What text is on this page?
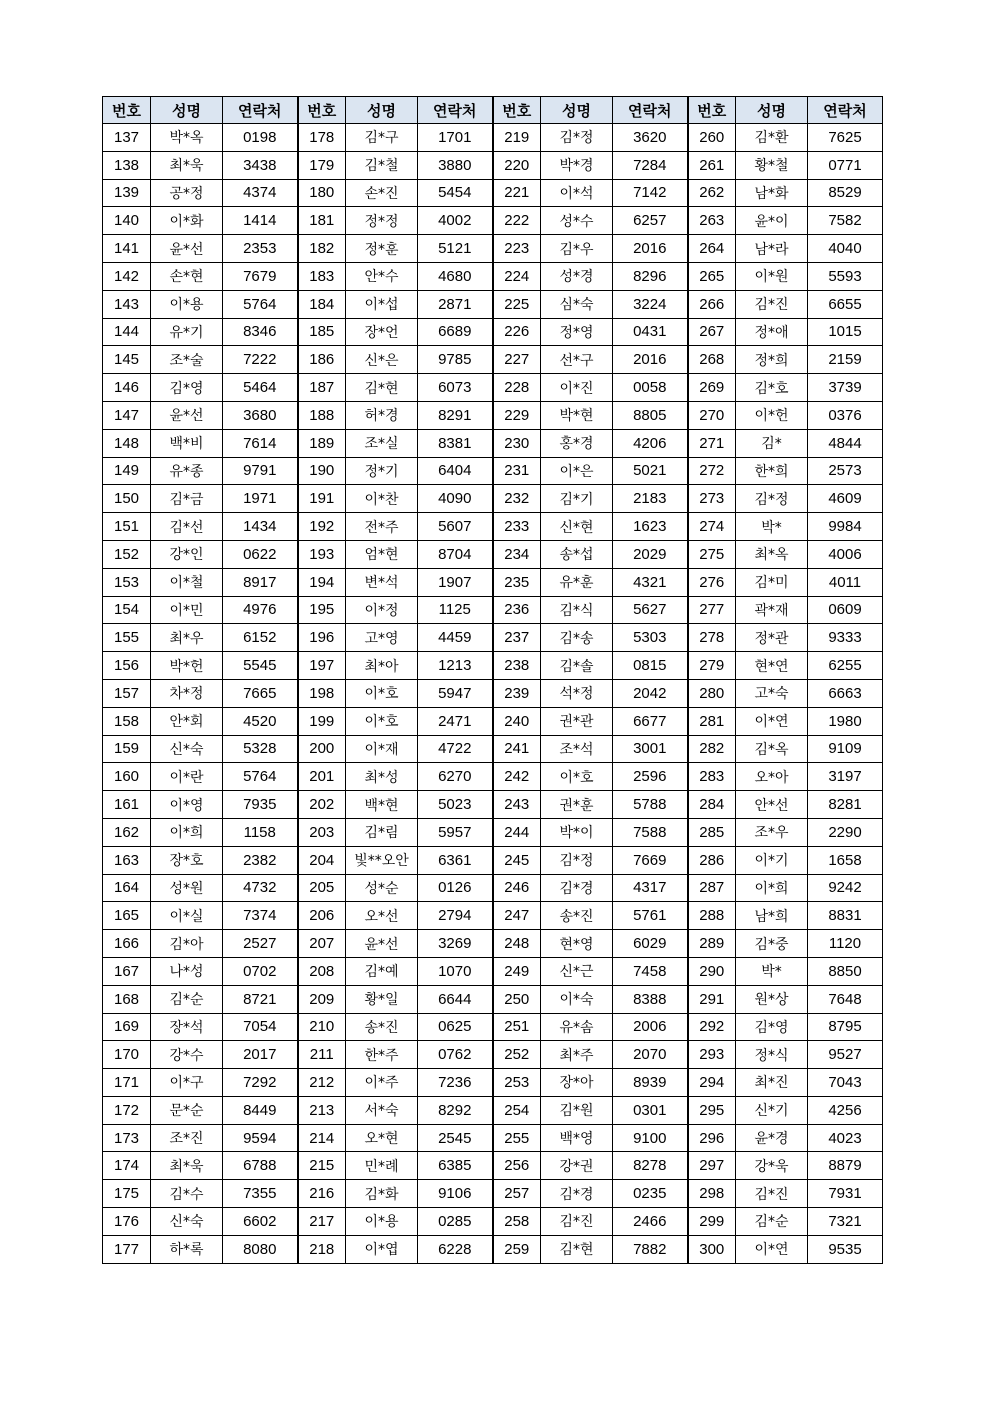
번호	성명	연락처	번호	성명	연락처	번호	성명	연락처	번호	성명	연락처
137	박*옥	0198	178	김*구	1701	219	김*정	3620	260	김*환	7625
138	최*욱	3438	179	김*철	3880	220	박*경	7284	261	황*철	0771
139	공*정	4374	180	손*진	5454	221	이*석	7142	262	남*화	8529
140	이*화	1414	181	정*정	4002	222	성*수	6257	263	윤*이	7582
141	윤*선	2353	182	정*훈	5121	223	김*우	2016	264	남*라	4040
142	손*현	7679	183	안*수	4680	224	성*경	8296	265	이*원	5593
143	이*용	5764	184	이*섭	2871	225	심*숙	3224	266	김*진	6655
144	유*기	8346	185	장*언	6689	226	정*영	0431	267	정*애	1015
145	조*술	7222	186	신*은	9785	227	선*구	2016	268	정*희	2159
146	김*영	5464	187	김*현	6073	228	이*진	0058	269	김*호	3739
147	윤*선	3680	188	허*경	8291	229	박*현	8805	270	이*헌	0376
148	백*비	7614	189	조*실	8381	230	홍*경	4206	271	김*	4844
149	유*종	9791	190	정*기	6404	231	이*은	5021	272	한*희	2573
150	김*금	1971	191	이*찬	4090	232	김*기	2183	273	김*정	4609
151	김*선	1434	192	전*주	5607	233	신*현	1623	274	박*	9984
152	강*인	0622	193	엄*현	8704	234	송*섭	2029	275	최*옥	4006
153	이*철	8917	194	변*석	1907	235	유*훈	4321	276	김*미	4011
154	이*민	4976	195	이*정	1125	236	김*식	5627	277	곽*재	0609
155	최*우	6152	196	고*영	4459	237	김*송	5303	278	정*관	9333
156	박*헌	5545	197	최*아	1213	238	김*솔	0815	279	현*연	6255
157	차*정	7665	198	이*호	5947	239	석*정	2042	280	고*숙	6663
158	안*회	4520	199	이*호	2471	240	권*관	6677	281	이*연	1980
159	신*숙	5328	200	이*재	4722	241	조*석	3001	282	김*옥	9109
160	이*란	5764	201	최*성	6270	242	이*호	2596	283	오*아	3197
161	이*영	7935	202	백*현	5023	243	권*훈	5788	284	안*선	8281
162	이*희	1158	203	김*림	5957	244	박*이	7588	285	조*우	2290
163	장*호	2382	204	빛**오안	6361	245	김*정	7669	286	이*기	1658
164	성*원	4732	205	성*순	0126	246	김*경	4317	287	이*희	9242
165	이*실	7374	206	오*선	2794	247	송*진	5761	288	남*희	8831
166	김*아	2527	207	윤*선	3269	248	현*영	6029	289	김*중	1120
167	나*성	0702	208	김*예	1070	249	신*근	7458	290	박*	8850
168	김*순	8721	209	황*일	6644	250	이*숙	8388	291	원*상	7648
169	장*석	7054	210	송*진	0625	251	유*솜	2006	292	김*영	8795
170	강*수	2017	211	한*주	0762	252	최*주	2070	293	정*식	9527
171	이*구	7292	212	이*주	7236	253	장*아	8939	294	최*진	7043
172	문*순	8449	213	서*숙	8292	254	김*원	0301	295	신*기	4256
173	조*진	9594	214	오*현	2545	255	백*영	9100	296	윤*경	4023
174	최*욱	6788	215	민*례	6385	256	강*권	8278	297	강*욱	8879
175	김*수	7355	216	김*화	9106	257	김*경	0235	298	김*진	7931
176	신*숙	6602	217	이*용	0285	258	김*진	2466	299	김*순	7321
177	하*록	8080	218	이*엽	6228	259	김*현	7882	300	이*연	9535
